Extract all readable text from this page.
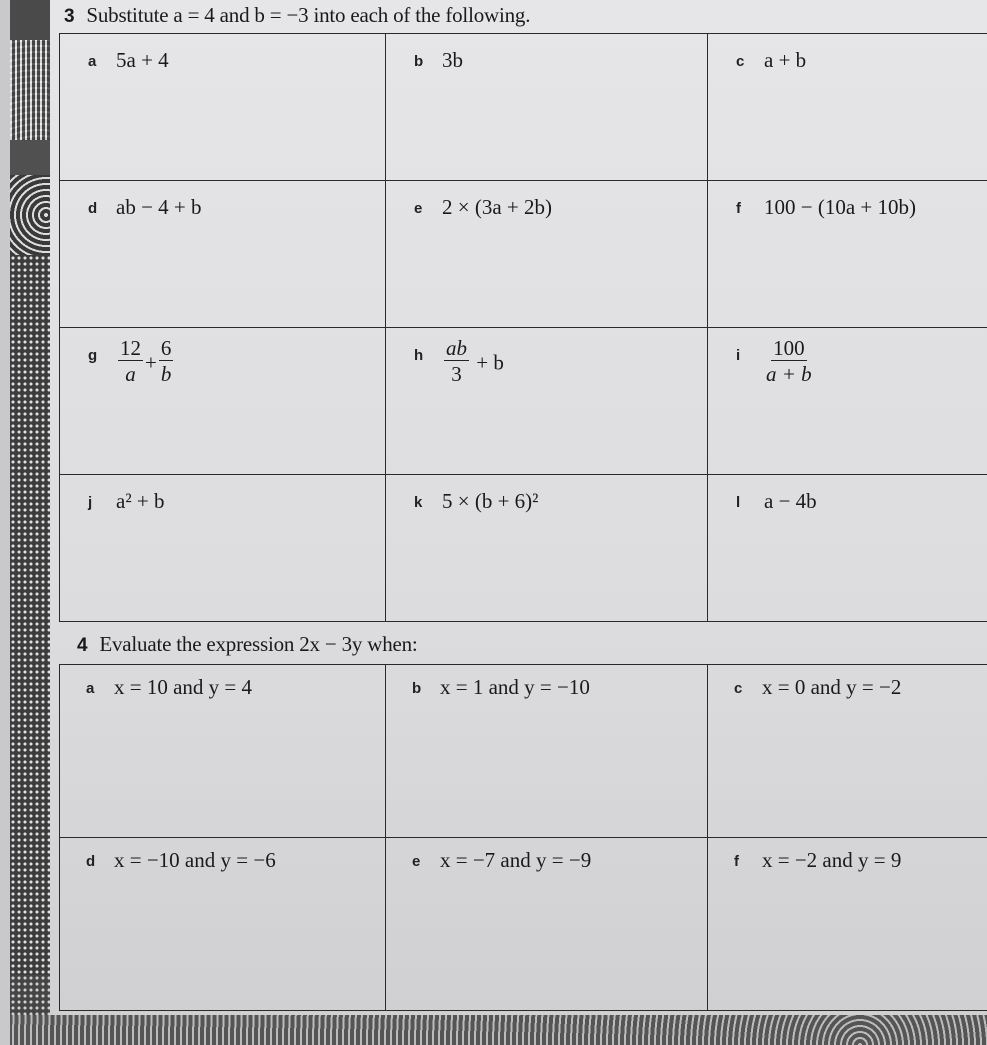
3 Substitute a = 4 and b = −3 into each of the following.
a 5a + 4	b 3b	c a + b

d ab − 4 + b	e 2 × (3a + 2b)	f 100 − (10a + 10b)

g $\frac{12}{a} + \frac{6}{b}$	h $\frac{ab}{3} + b$	i	$\frac{100}{a + b}$

j a² + b	k 5 × (b + 6)²	l a − 4b
4 Evaluate the expression 2x − 3y when:
a x = 10 and y = 4	b x = 1 and y = −10	c x = 0 and y = −2

d x = −10 and y = −6	e x = −7 and y = −9	f x = −2 and y = 9
